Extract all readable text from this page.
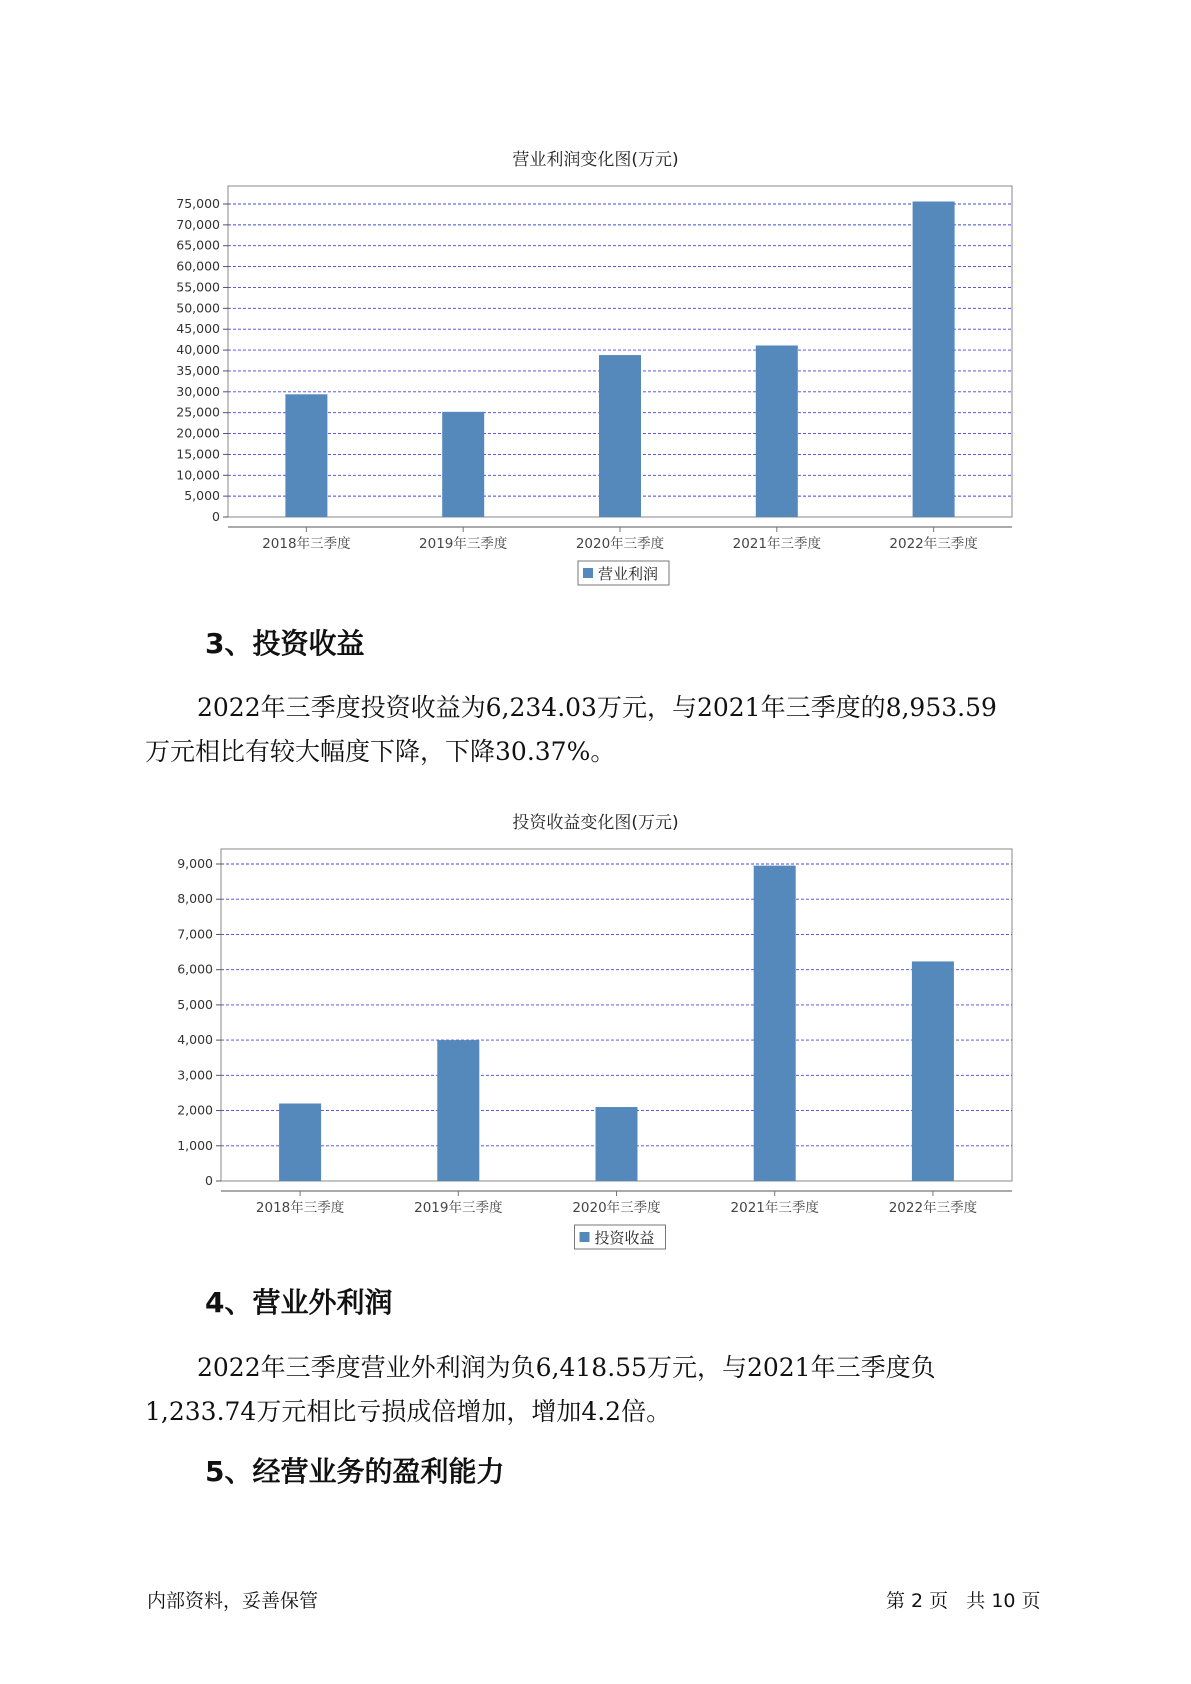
营业利润变化图(万元)
0
5,000
10,000
15,000
20,000
25,000
30,000
35,000
40,000
45,000
50,000
55,000
60,000
65,000
70,000
75,000
2018年三季度	2019年三季度	2020年三季度	2021年三季度	2022年三季度
营业利润
3、投资收益

2022年三季度投资收益为6,234.03万元，与2021年三季度的8,953.59
万元相比有较大幅度下降，下降30.37%。

投资收益变化图(万元)
0
1,000
2,000
3,000
4,000
5,000
6,000
7,000
8,000
9,000
2018年三季度	2019年三季度	2020年三季度	2021年三季度	2022年三季度
投资收益
4、营业外利润

2022年三季度营业外利润为负6,418.55万元，与2021年三季度负
1,233.74万元相比亏损成倍增加，增加4.2倍。

5、经营业务的盈利能力
内部资料，妥善保管	第 2 页   共 10 页
